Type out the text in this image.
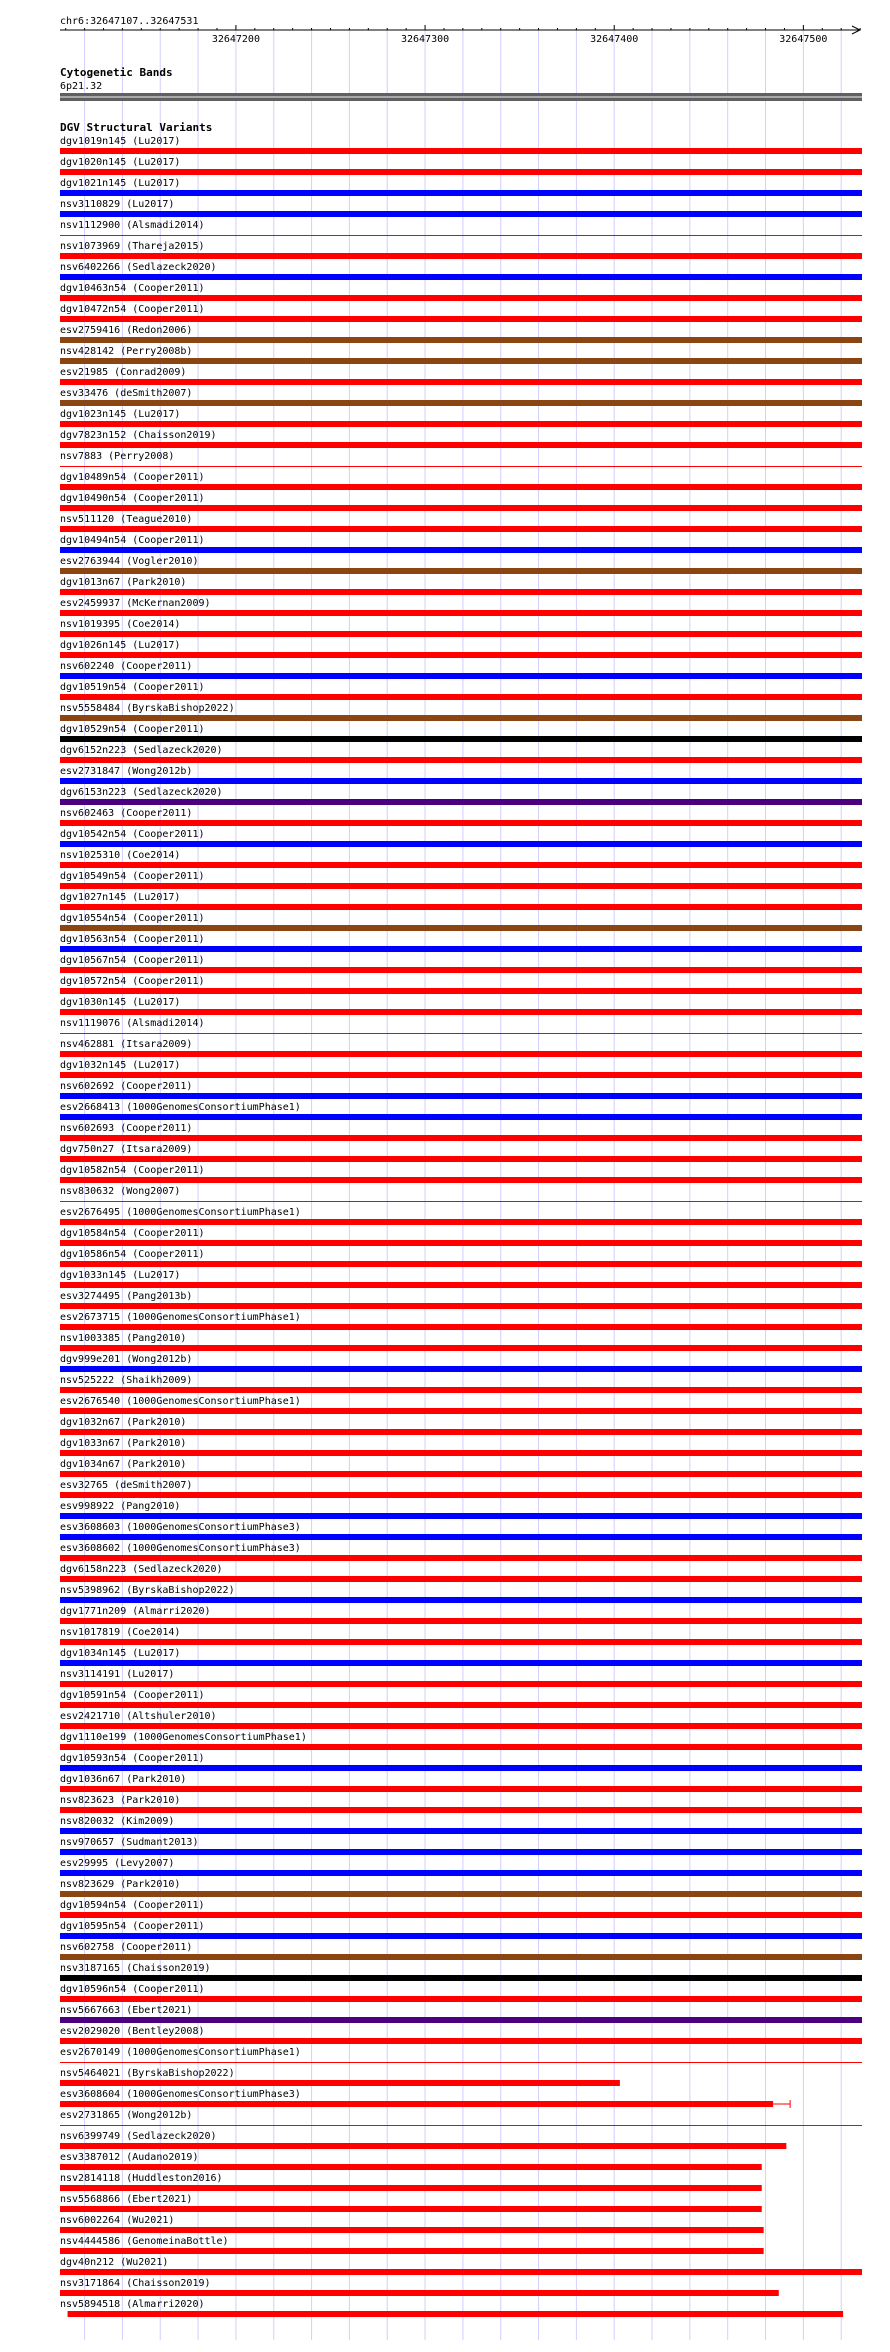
chr6:32647107..32647531
32647200	32647300	32647400	32647500
Cytogenetic Bands
6p21.32
DGV Structural Variants
dgv1019n145 (Lu2017)
dgv1020n145 (Lu2017)
dgv1021n145 (Lu2017)
nsv3110829 (Lu2017)
nsv1112900 (Alsmadi2014)
nsv1073969 (Thareja2015)
nsv6402266 (Sedlazeck2020)
dgv10463n54 (Cooper2011)
dgv10472n54 (Cooper2011)
esv2759416 (Redon2006)
nsv428142 (Perry2008b)
esv21985 (Conrad2009)
esv33476 (deSmith2007)
dgv1023n145 (Lu2017)
dgv7823n152 (Chaisson2019)
nsv7883 (Perry2008)
dgv10489n54 (Cooper2011)
dgv10490n54 (Cooper2011)
nsv511120 (Teague2010)
dgv10494n54 (Cooper2011)
esv2763944 (Vogler2010)
dgv1013n67 (Park2010)
esv2459937 (McKernan2009)
nsv1019395 (Coe2014)
dgv1026n145 (Lu2017)
nsv602240 (Cooper2011)
dgv10519n54 (Cooper2011)
nsv5558484 (ByrskaBishop2022)
dgv10529n54 (Cooper2011)
dgv6152n223 (Sedlazeck2020)
esv2731847 (Wong2012b)
dgv6153n223 (Sedlazeck2020)
nsv602463 (Cooper2011)
dgv10542n54 (Cooper2011)
nsv1025310 (Coe2014)
dgv10549n54 (Cooper2011)
dgv1027n145 (Lu2017)
dgv10554n54 (Cooper2011)
dgv10563n54 (Cooper2011)
dgv10567n54 (Cooper2011)
dgv10572n54 (Cooper2011)
dgv1030n145 (Lu2017)
nsv1119076 (Alsmadi2014)
nsv462881 (Itsara2009)
dgv1032n145 (Lu2017)
nsv602692 (Cooper2011)
esv2668413 (1000GenomesConsortiumPhase1)
nsv602693 (Cooper2011)
dgv750n27 (Itsara2009)
dgv10582n54 (Cooper2011)
nsv830632 (Wong2007)
esv2676495 (1000GenomesConsortiumPhase1)
dgv10584n54 (Cooper2011)
dgv10586n54 (Cooper2011)
dgv1033n145 (Lu2017)
esv3274495 (Pang2013b)
esv2673715 (1000GenomesConsortiumPhase1)
nsv1003385 (Pang2010)
dgv999e201 (Wong2012b)
nsv525222 (Shaikh2009)
esv2676540 (1000GenomesConsortiumPhase1)
dgv1032n67 (Park2010)
dgv1033n67 (Park2010)
dgv1034n67 (Park2010)
esv32765 (deSmith2007)
esv998922 (Pang2010)
esv3608603 (1000GenomesConsortiumPhase3)
esv3608602 (1000GenomesConsortiumPhase3)
dgv6158n223 (Sedlazeck2020)
nsv5398962 (ByrskaBishop2022)
dgv1771n209 (Almarri2020)
nsv1017819 (Coe2014)
dgv1034n145 (Lu2017)
nsv3114191 (Lu2017)
dgv10591n54 (Cooper2011)
esv2421710 (Altshuler2010)
dgv1110e199 (1000GenomesConsortiumPhase1)
dgv10593n54 (Cooper2011)
dgv1036n67 (Park2010)
nsv823623 (Park2010)
nsv820032 (Kim2009)
nsv970657 (Sudmant2013)
esv29995 (Levy2007)
nsv823629 (Park2010)
dgv10594n54 (Cooper2011)
dgv10595n54 (Cooper2011)
nsv602758 (Cooper2011)
nsv3187165 (Chaisson2019)
dgv10596n54 (Cooper2011)
nsv5667663 (Ebert2021)
esv2029020 (Bentley2008)
esv2670149 (1000GenomesConsortiumPhase1)
nsv5464021 (ByrskaBishop2022)
esv3608604 (1000GenomesConsortiumPhase3)
esv2731865 (Wong2012b)
nsv6399749 (Sedlazeck2020)
esv3387012 (Audano2019)
nsv2814118 (Huddleston2016)
nsv5568866 (Ebert2021)
nsv6002264 (Wu2021)
nsv4444586 (GenomeinaBottle)
dgv40n212 (Wu2021)
nsv3171864 (Chaisson2019)
nsv5894518 (Almarri2020)
